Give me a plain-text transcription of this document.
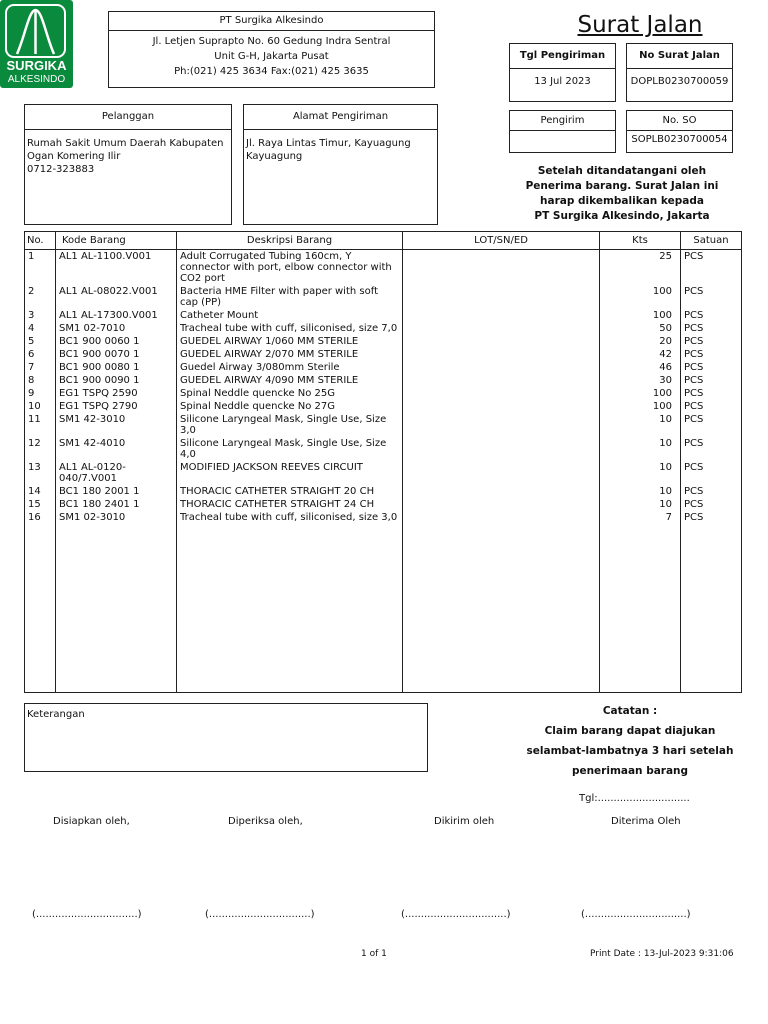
SURGIKA
ALKESINDO
PT Surgika Alkesindo
Jl. Letjen Suprapto No. 60 Gedung Indra Sentral
Unit G-H, Jakarta Pusat
Ph:(021) 425 3634 Fax:(021) 425 3635
Surat Jalan
Tgl Pengiriman
13 Jul 2023
No Surat Jalan
DOPLB0230700059
Pelanggan
Rumah Sakit Umum Daerah Kabupaten
Ogan Komering Ilir
0712-323883
Alamat Pengiriman
Jl. Raya Lintas Timur, Kayuagung
Kayuagung
Pengirim	No. SO
SOPLB0230700054
Setelah ditandatangani oleh
Penerima barang. Surat Jalan ini
harap dikembalikan kepada
PT Surgika Alkesindo, Jakarta
No.	Kode Barang	Deskripsi Barang	LOT/SN/ED	Kts	Satuan
1	AL1 AL-1100.V001	Adult Corrugated Tubing 160cm, Y connector with port, elbow connector with CO2 port		25	PCS
2	AL1 AL-08022.V001	Bacteria HME Filter with paper with soft cap (PP)		100	PCS
3	AL1 AL-17300.V001	Catheter Mount		100	PCS
4	SM1 02-7010	Tracheal tube with cuff, siliconised, size 7,0		50	PCS
5	BC1 900 0060 1	GUEDEL AIRWAY 1/060 MM STERILE		20	PCS
6	BC1 900 0070 1	GUEDEL AIRWAY 2/070 MM STERILE		42	PCS
7	BC1 900 0080 1	Guedel Airway 3/080mm Sterile		46	PCS
8	BC1 900 0090 1	GUEDEL AIRWAY 4/090 MM STERILE		30	PCS
9	EG1 TSPQ 2590	Spinal Neddle quencke No 25G		100	PCS
10	EG1 TSPQ 2790	Spinal Neddle quencke No 27G		100	PCS
11	SM1 42-3010	Silicone Laryngeal Mask, Single Use, Size 3,0		10	PCS
12	SM1 42-4010	Silicone Laryngeal Mask, Single Use, Size 4,0		10	PCS
13	AL1 AL-0120-040/7.V001	MODIFIED JACKSON REEVES CIRCUIT		10	PCS
14	BC1 180 2001 1	THORACIC CATHETER STRAIGHT 20 CH		10	PCS
15	BC1 180 2401 1	THORACIC CATHETER STRAIGHT 24 CH		10	PCS
16	SM1 02-3010	Tracheal tube with cuff, siliconised, size 3,0		7	PCS

Keterangan	Catatan :
Claim barang dapat diajukan
selambat-lambatnya 3 hari setelah
penerimaan barang
Tgl:.............................
Disiapkan oleh,	Diperiksa oleh,	Dikirim oleh	Diterima Oleh
(................................)	(................................)	(................................)	(................................)
1 of 1	Print Date : 13-Jul-2023 9:31:06
